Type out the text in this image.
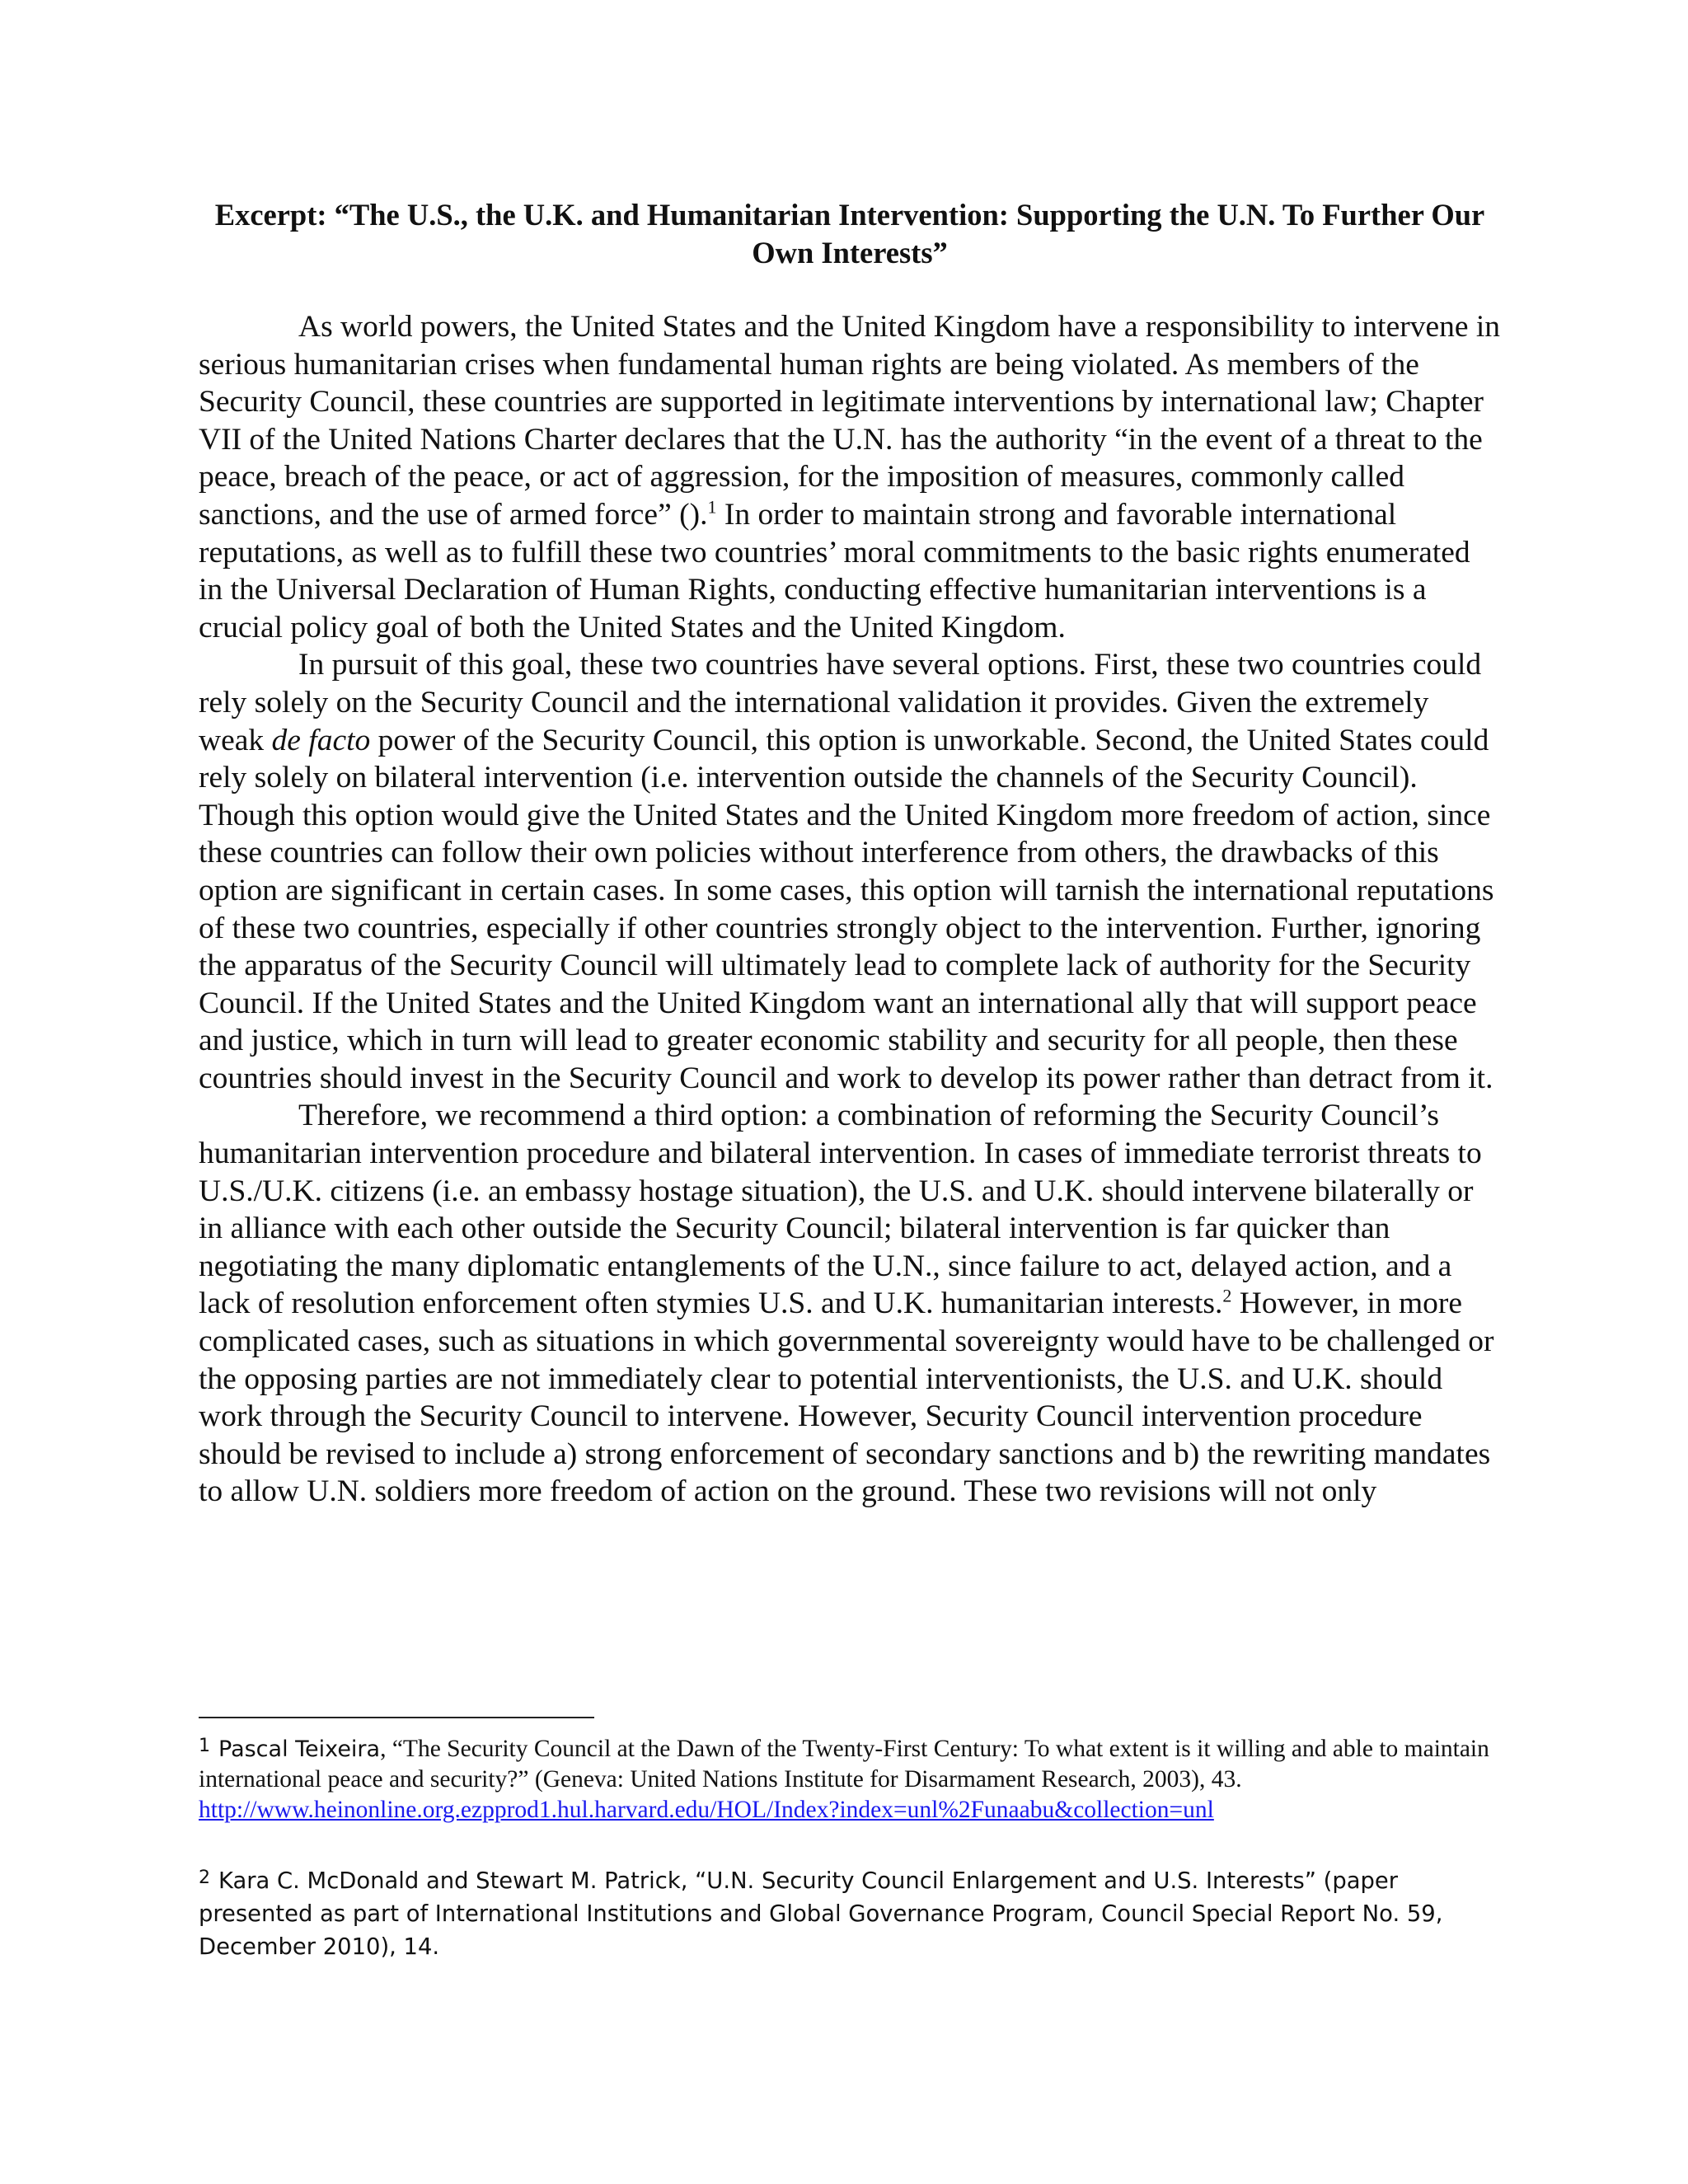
Excerpt: “The U.S., the U.K. and Humanitarian Intervention: Supporting the U.N. To Further Our Own Interests”

As world powers, the United States and the United Kingdom have a responsibility to intervene in serious humanitarian crises when fundamental human rights are being violated. As members of the Security Council, these countries are supported in legitimate interventions by international law; Chapter VII of the United Nations Charter declares that the U.N. has the authority “in the event of a threat to the peace, breach of the peace, or act of aggression, for the imposition of measures, commonly called sanctions, and the use of armed force” ().$^1$ In order to maintain strong and favorable international reputations, as well as to fulfill these two countries’ moral commitments to the basic rights enumerated in the Universal Declaration of Human Rights, conducting effective humanitarian interventions is a crucial policy goal of both the United States and the United Kingdom.

In pursuit of this goal, these two countries have several options. First, these two countries could rely solely on the Security Council and the international validation it provides. Given the extremely weak de facto power of the Security Council, this option is unworkable. Second, the United States could rely solely on bilateral intervention (i.e. intervention outside the channels of the Security Council). Though this option would give the United States and the United Kingdom more freedom of action, since these countries can follow their own policies without interference from others, the drawbacks of this option are significant in certain cases. In some cases, this option will tarnish the international reputations of these two countries, especially if other countries strongly object to the intervention. Further, ignoring the apparatus of the Security Council will ultimately lead to complete lack of authority for the Security Council. If the United States and the United Kingdom want an international ally that will support peace and justice, which in turn will lead to greater economic stability and security for all people, then these countries should invest in the Security Council and work to develop its power rather than detract from it.

Therefore, we recommend a third option: a combination of reforming the Security Council’s humanitarian intervention procedure and bilateral intervention. In cases of immediate terrorist threats to U.S./U.K. citizens (i.e. an embassy hostage situation), the U.S. and U.K. should intervene bilaterally or in alliance with each other outside the Security Council; bilateral intervention is far quicker than negotiating the many diplomatic entanglements of the U.N., since failure to act, delayed action, and a lack of resolution enforcement often stymies U.S. and U.K. humanitarian interests.$^2$ However, in more complicated cases, such as situations in which governmental sovereignty would have to be challenged or the opposing parties are not immediately clear to potential interventionists, the U.S. and U.K. should work through the Security Council to intervene. However, Security Council intervention procedure should be revised to include a) strong enforcement of secondary sanctions and b) the rewriting mandates to allow U.N. soldiers more freedom of action on the ground. These two revisions will not only

$^1$ Pascal Teixeira, “The Security Council at the Dawn of the Twenty-First Century: To what extent is it willing and able to maintain international peace and security?” (Geneva: United Nations Institute for Disarmament Research, 2003), 43. http://www.heinonline.org.ezpprod1.hul.harvard.edu/HOL/Index?index=unl%2Funaabu&collection=unl

$^2$ Kara C. McDonald and Stewart M. Patrick, “U.N. Security Council Enlargement and U.S. Interests” (paper presented as part of International Institutions and Global Governance Program, Council Special Report No. 59, December 2010), 14.
